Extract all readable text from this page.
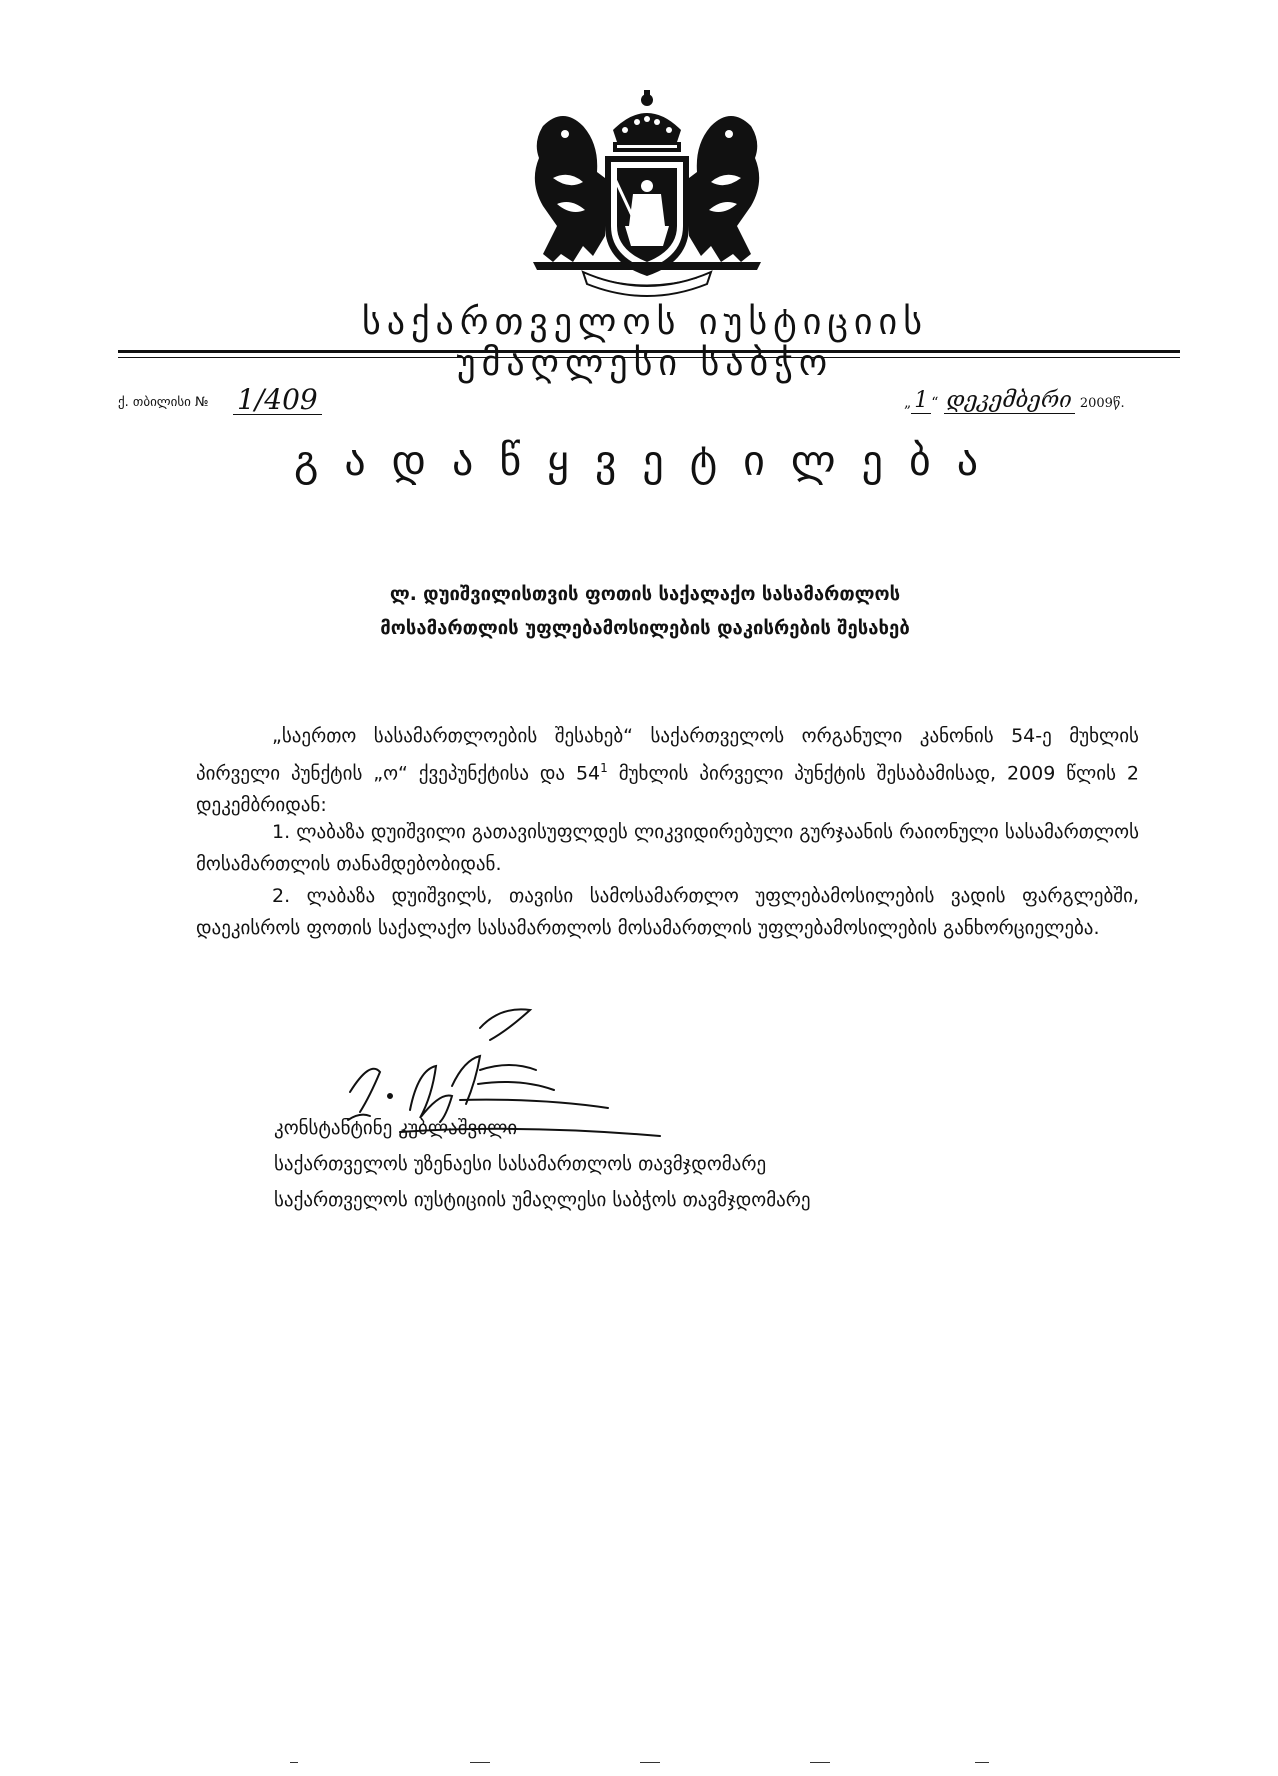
საქართველოს იუსტიციის უმაღლესი საბჭო
ქ. თბილისი № 1/409	„ 1 “ დეკემბერი 2009წ.
გადაწყვეტილება
ლ. დუიშვილისთვის ფოთის საქალაქო სასამართლოს
მოსამართლის უფლებამოსილების დაკისრების შესახებ
„საერთო სასამართლოების შესახებ“ საქართველოს ორგანული კანონის 54-ე მუხლის პირველი პუნქტის „ო“ ქვეპუნქტისა და $54^1$ მუხლის პირველი პუნქტის შესაბამისად, 2009 წლის 2 დეკემბრიდან:
1. ლაბაზა დუიშვილი გათავისუფლდეს ლიკვიდირებული გურჯაანის რაიონული სასამართლოს მოსამართლის თანამდებობიდან.
2. ლაბაზა დუიშვილს, თავისი სამოსამართლო უფლებამოსილების ვადის ფარგლებში, დაეკისროს ფოთის საქალაქო სასამართლოს მოსამართლის უფლებამოსილების განხორციელება.
კონსტანტინე კუბლაშვილი
საქართველოს უზენაესი სასამართლოს თავმჯდომარე
საქართველოს იუსტიციის უმაღლესი საბჭოს თავმჯდომარე
